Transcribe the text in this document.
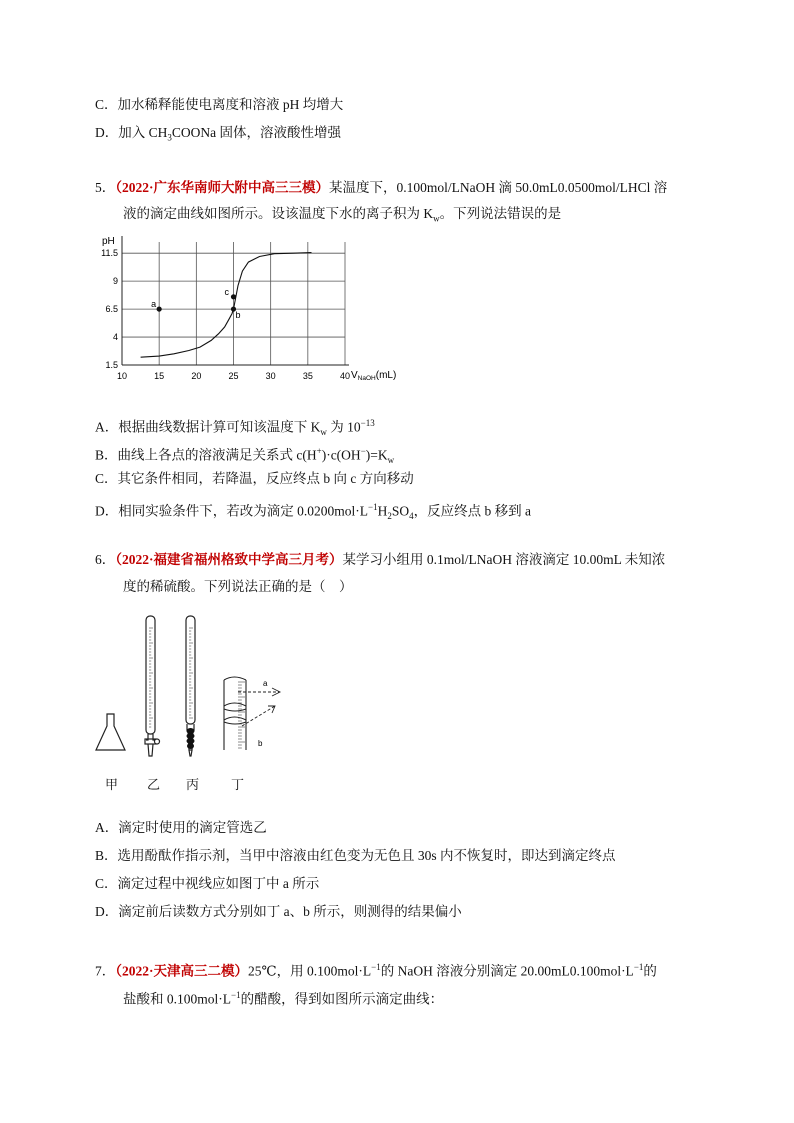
C．加水稀释能使电离度和溶液 pH 均增大
D．加入 $CH_3COONa$ 固体，溶液酸性增强
5．（2022·广东华南师大附中高三三模）某温度下，0.100mol/LNaOH 滴 50.0mL0.0500mol/LHCl 溶
液的滴定曲线如图所示。设该温度下水的离子积为 $K_w$。下列说法错误的是
10	15	20	25	30	35	40
1.5
4
6.5
9
11.5
a
b
c
pH
$V_{NaOH}(mL)$
A．根据曲线数据计算可知该温度下 $K_w$ 为 $10^{-13}$
B．曲线上各点的溶液满足关系式 $c(H^+)\cdot c(OH^-)=K_w$
C．其它条件相同，若降温，反应终点 b 向 c 方向移动
D．相同实验条件下，若改为滴定 $0.0200mol\cdot L^{-1}H_2SO_4$，反应终点 b 移到 a
6．（2022·福建省福州格致中学高三月考）某学习小组用 0.1mol/LNaOH 溶液滴定 10.00mL 未知浓
度的稀硫酸。下列说法正确的是（　）
a
b
甲 乙 丙 丁
A．滴定时使用的滴定管选乙
B．选用酚酞作指示剂，当甲中溶液由红色变为无色且 30s 内不恢复时，即达到滴定终点
C．滴定过程中视线应如图丁中 a 所示
D．滴定前后读数方式分别如丁 a、b 所示，则测得的结果偏小
7．（2022·天津高三二模）25℃，用 $0.100mol\cdot L^{-1}$的 NaOH 溶液分别滴定 $20.00mL0.100mol\cdot L^{-1}$的
盐酸和 $0.100mol\cdot L^{-1}$的醋酸，得到如图所示滴定曲线：
